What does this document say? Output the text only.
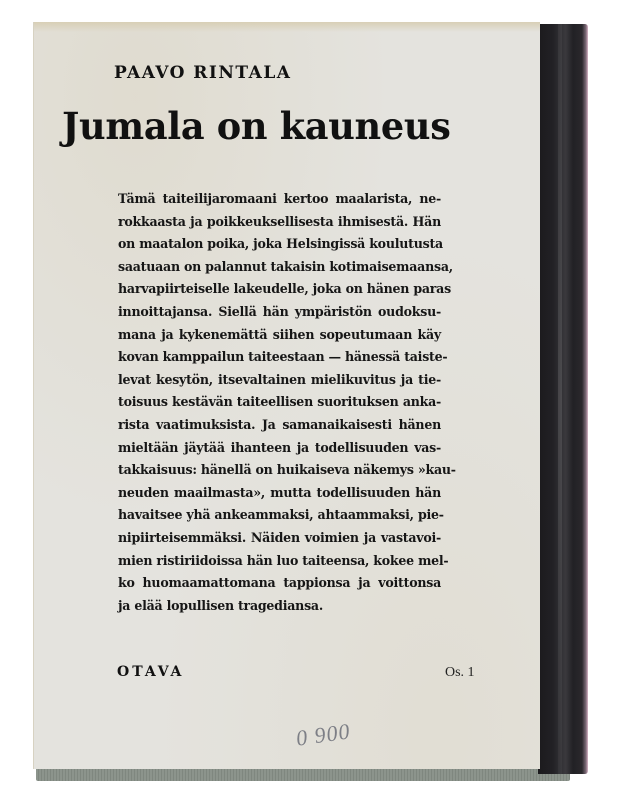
PAAVO RINTALA
Jumala on kauneus
Tämä taiteilijaromaani kertoo maalarista, ne-
rokkaasta ja poikkeuksellisesta ihmisestä. Hän
on maatalon poika, joka Helsingissä koulutusta
saatuaan on palannut takaisin kotimaisemaansa,
harvapiirteiselle lakeudelle, joka on hänen paras
innoittajansa. Siellä hän ympäristön oudoksu-
mana ja kykenemättä siihen sopeutumaan käy
kovan kamppailun taiteestaan — hänessä taiste-
levat kesytön, itsevaltainen mielikuvitus ja tie-
toisuus kestävän taiteellisen suorituksen anka-
rista vaatimuksista. Ja samanaikaisesti hänen
mieltään jäytää ihanteen ja todellisuuden vas-
takkaisuus: hänellä on huikaiseva näkemys »kau-
neuden maailmasta», mutta todellisuuden hän
havaitsee yhä ankeammaksi, ahtaammaksi, pie-
nipiirteisemmäksi. Näiden voimien ja vastavoi-
mien ristiriidoissa hän luo taiteensa, kokee mel-
ko huomaamattomana tappionsa ja voittonsa
ja elää lopullisen tragediansa.
OTAVA	Os. 1
0 900
